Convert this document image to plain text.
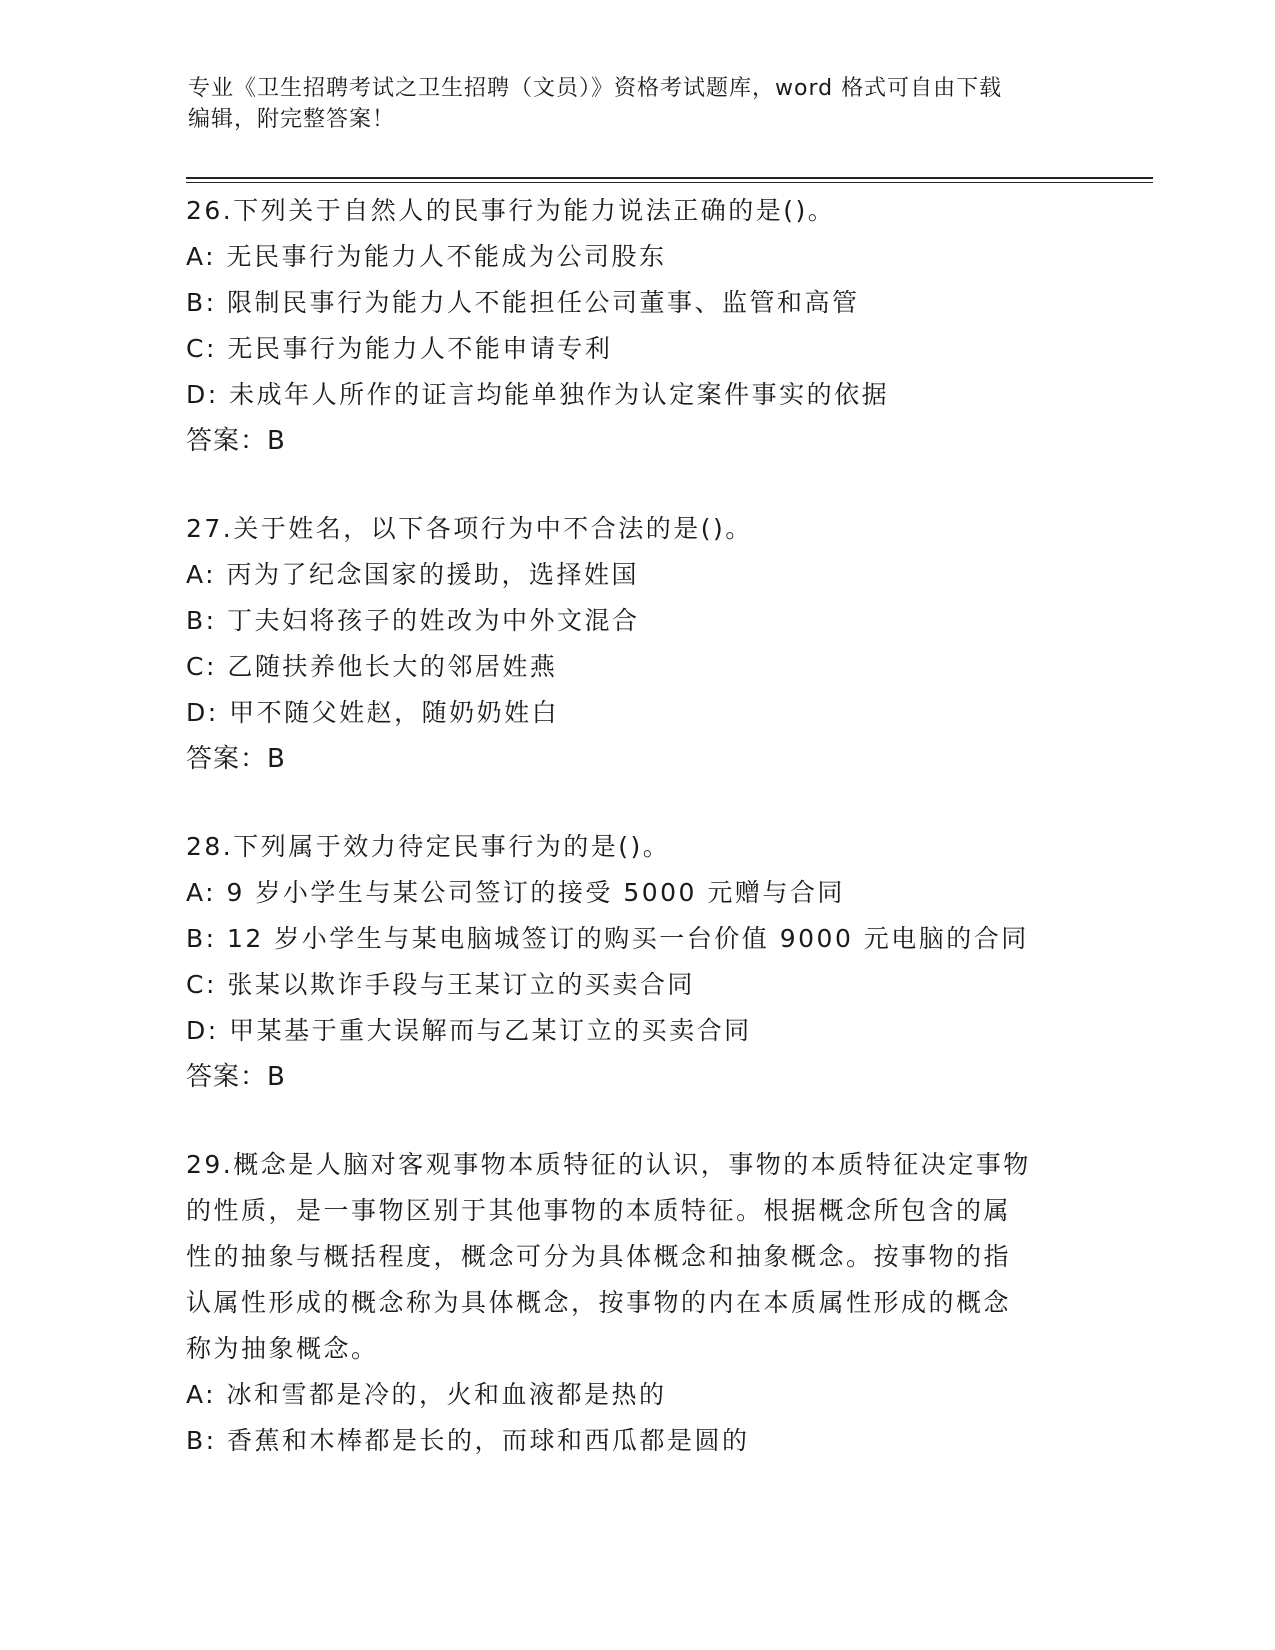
专业《卫生招聘考试之卫生招聘（文员）》资格考试题库，word 格式可自由下载
编辑，附完整答案！
26.下列关于自然人的民事行为能力说法正确的是()。
A: 无民事行为能力人不能成为公司股东
B: 限制民事行为能力人不能担任公司董事、监管和高管
C: 无民事行为能力人不能申请专利
D: 未成年人所作的证言均能单独作为认定案件事实的依据
答案：B
27.关于姓名，以下各项行为中不合法的是()。
A: 丙为了纪念国家的援助，选择姓国
B: 丁夫妇将孩子的姓改为中外文混合
C: 乙随扶养他长大的邻居姓燕
D: 甲不随父姓赵，随奶奶姓白
答案：B
28.下列属于效力待定民事行为的是()。
A: 9 岁小学生与某公司签订的接受 5000 元赠与合同
B: 12 岁小学生与某电脑城签订的购买一台价值 9000 元电脑的合同
C: 张某以欺诈手段与王某订立的买卖合同
D: 甲某基于重大误解而与乙某订立的买卖合同
答案：B
29.概念是人脑对客观事物本质特征的认识，事物的本质特征决定事物
的性质，是一事物区别于其他事物的本质特征。根据概念所包含的属
性的抽象与概括程度，概念可分为具体概念和抽象概念。按事物的指
认属性形成的概念称为具体概念，按事物的内在本质属性形成的概念
称为抽象概念。
A: 冰和雪都是冷的，火和血液都是热的
B: 香蕉和木棒都是长的，而球和西瓜都是圆的
